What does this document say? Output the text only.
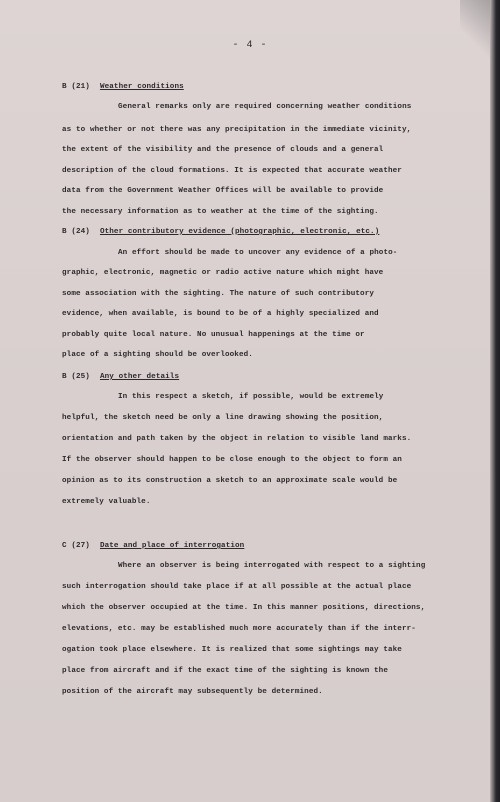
- 4 -
B (21) Weather conditions
General remarks only are required concerning weather conditions
as to whether or not there was any precipitation in the immediate vicinity,
the extent of the visibility and the presence of clouds and a general
description of the cloud formations. It is expected that accurate weather
data from the Government Weather Offices will be available to provide
the necessary information as to weather at the time of the sighting.
B (24) Other contributory evidence (photographic, electronic, etc.)
An effort should be made to uncover any evidence of a photo-
graphic, electronic, magnetic or radio active nature which might have
some association with the sighting. The nature of such contributory
evidence, when available, is bound to be of a highly specialized and
probably quite local nature. No unusual happenings at the time or
place of a sighting should be overlooked.
B (25) Any other details
In this respect a sketch, if possible, would be extremely
helpful, the sketch need be only a line drawing showing the position,
orientation and path taken by the object in relation to visible land marks.
If the observer should happen to be close enough to the object to form an
opinion as to its construction a sketch to an approximate scale would be
extremely valuable.
C (27) Date and place of interrogation
Where an observer is being interrogated with respect to a sighting
such interrogation should take place if at all possible at the actual place
which the observer occupied at the time. In this manner positions, directions,
elevations, etc. may be established much more accurately than if the interr-
ogation took place elsewhere. It is realized that some sightings may take
place from aircraft and if the exact time of the sighting is known the
position of the aircraft may subsequently be determined.
